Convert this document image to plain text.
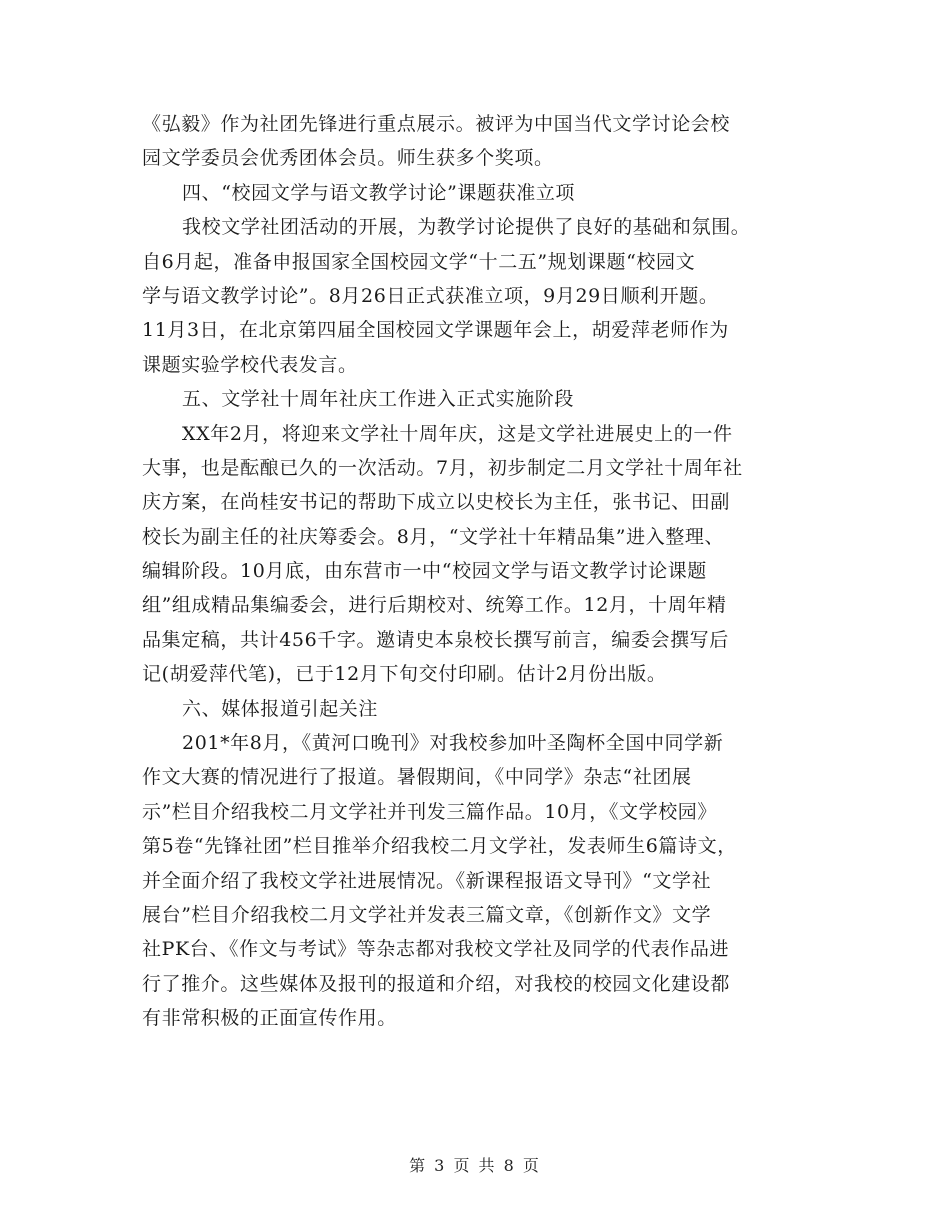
《弘毅》作为社团先锋进行重点展示。被评为中国当代文学讨论会校
园文学委员会优秀团体会员。师生获多个奖项。
四、“校园文学与语文教学讨论”课题获准立项
我校文学社团活动的开展，为教学讨论提供了良好的基础和氛围。
自6月起，准备申报国家全国校园文学“十二五”规划课题“校园文
学与语文教学讨论”。8月26日正式获准立项，9月29日顺利开题。
11月3日，在北京第四届全国校园文学课题年会上，胡爱萍老师作为
课题实验学校代表发言。
五、文学社十周年社庆工作进入正式实施阶段
XX年2月，将迎来文学社十周年庆，这是文学社进展史上的一件
大事，也是酝酿已久的一次活动。7月，初步制定二月文学社十周年社
庆方案，在尚桂安书记的帮助下成立以史校长为主任，张书记、田副
校长为副主任的社庆筹委会。8月，“文学社十年精品集”进入整理、
编辑阶段。10月底，由东营市一中“校园文学与语文教学讨论课题
组”组成精品集编委会，进行后期校对、统筹工作。12月，十周年精
品集定稿，共计456千字。邀请史本泉校长撰写前言，编委会撰写后
记(胡爱萍代笔)，已于12月下旬交付印刷。估计2月份出版。
六、媒体报道引起关注
201*年8月，《黄河口晚刊》对我校参加叶圣陶杯全国中同学新
作文大赛的情况进行了报道。暑假期间，《中同学》杂志“社团展
示”栏目介绍我校二月文学社并刊发三篇作品。10月，《文学校园》
第5卷“先锋社团”栏目推举介绍我校二月文学社，发表师生6篇诗文，
并全面介绍了我校文学社进展情况。《新课程报语文导刊》“文学社
展台”栏目介绍我校二月文学社并发表三篇文章，《创新作文》文学
社PK台、《作文与考试》等杂志都对我校文学社及同学的代表作品进
行了推介。这些媒体及报刊的报道和介绍，对我校的校园文化建设都
有非常积极的正面宣传作用。
第 3 页 共 8 页
